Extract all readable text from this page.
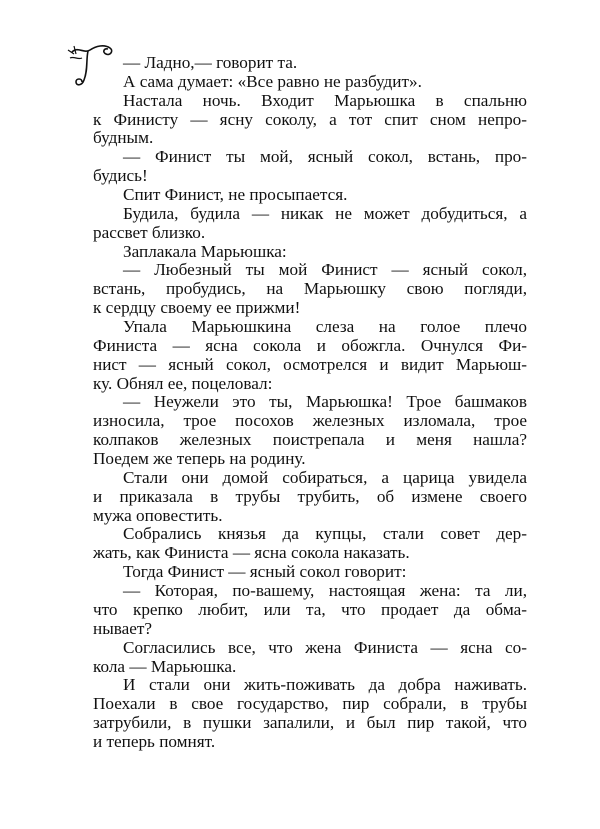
— Ладно,— говорит та.
А сама думает: «Все равно не разбудит».
Настала ночь. Входит Марьюшка в спальню
к Финисту — ясну соколу, а тот спит сном непро-
будным.
— Финист ты мой, ясный сокол, встань, про-
будись!
Спит Финист, не просыпается.
Будила, будила — никак не может добудиться, а
рассвет близко.
Заплакала Марьюшка:
— Любезный ты мой Финист — ясный сокол,
встань, пробудись, на Марьюшку свою погляди,
к сердцу своему ее прижми!
Упала Марьюшкина слеза на голое плечо
Финиста — ясна сокола и обожгла. Очнулся Фи-
нист — ясный сокол, осмотрелся и видит Марьюш-
ку. Обнял ее, поцеловал:
— Неужели это ты, Марьюшка! Трое башмаков
износила, трое посохов железных изломала, трое
колпаков железных поистрепала и меня нашла?
Поедем же теперь на родину.
Стали они домой собираться, а царица увидела
и приказала в трубы трубить, об измене своего
мужа оповестить.
Собрались князья да купцы, стали совет дер-
жать, как Финиста — ясна сокола наказать.
Тогда Финист — ясный сокол говорит:
— Которая, по-вашему, настоящая жена: та ли,
что крепко любит, или та, что продает да обма-
нывает?
Согласились все, что жена Финиста — ясна со-
кола — Марьюшка.
И стали они жить-поживать да добра наживать.
Поехали в свое государство, пир собрали, в трубы
затрубили, в пушки запалили, и был пир такой, что
и теперь помнят.
